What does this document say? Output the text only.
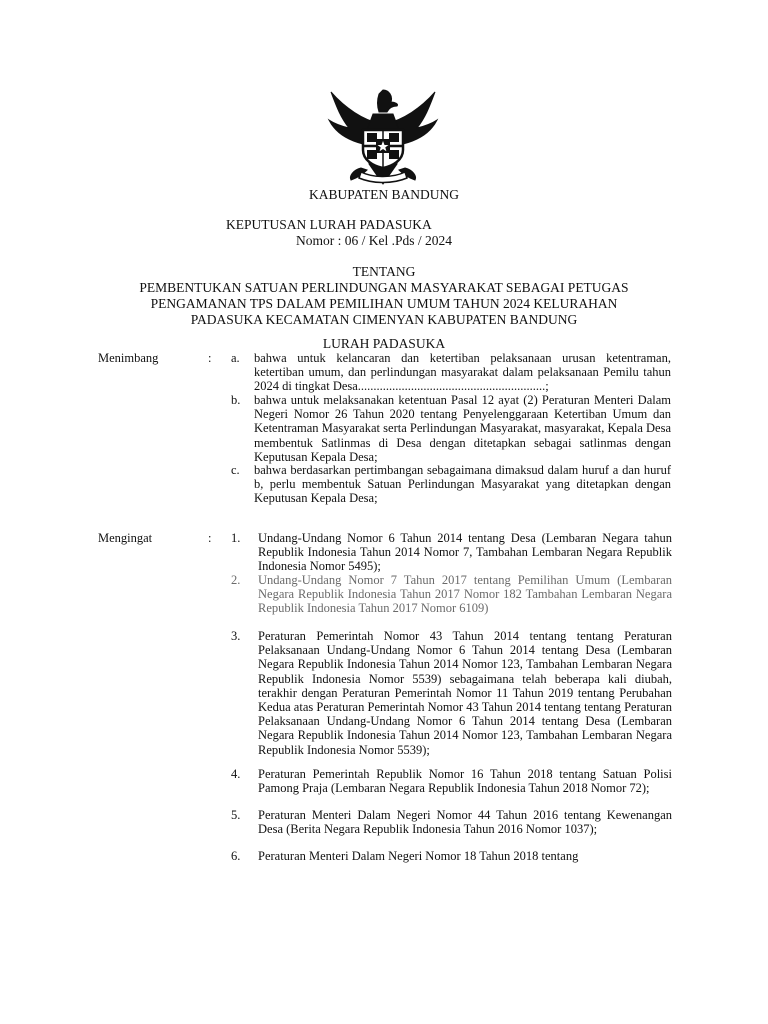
KABUPATEN BANDUNG
KEPUTUSAN LURAH PADASUKA
Nomor : 06 / Kel .Pds / 2024
TENTANG
PEMBENTUKAN SATUAN PERLINDUNGAN MASYARAKAT SEBAGAI PETUGAS
PENGAMANAN TPS DALAM PEMILIHAN UMUM TAHUN 2024 KELURAHAN
PADASUKA KECAMATAN CIMENYAN KABUPATEN BANDUNG
LURAH PADASUKA
Menimbang	: a. bahwa untuk kelancaran dan ketertiban pelaksanaan urusan ketentraman, ketertiban umum, dan perlindungan masyarakat dalam pelaksanaan Pemilu tahun 2024 di tingkat Desa............................................................;
b. bahwa untuk melaksanakan ketentuan Pasal 12 ayat (2) Peraturan Menteri Dalam Negeri Nomor 26 Tahun 2020 tentang Penyelenggaraan Ketertiban Umum dan Ketentraman Masyarakat serta Perlindungan Masyarakat, masyarakat, Kepala Desa membentuk Satlinmas di Desa dengan ditetapkan sebagai satlinmas dengan Keputusan Kepala Desa;
c. bahwa berdasarkan pertimbangan sebagaimana dimaksud dalam huruf a dan huruf b, perlu membentuk Satuan Perlindungan Masyarakat yang ditetapkan dengan Keputusan Kepala Desa;
Mengingat	: 1. Undang-Undang Nomor 6 Tahun 2014 tentang Desa (Lembaran Negara tahun Republik Indonesia Tahun 2014 Nomor 7, Tambahan Lembaran Negara Republik Indonesia Nomor 5495);
2. Undang-Undang Nomor 7 Tahun 2017 tentang Pemilihan Umum (Lembaran Negara Republik Indonesia Tahun 2017 Nomor 182 Tambahan Lembaran Negara Republik Indonesia Tahun 2017 Nomor 6109)
3. Peraturan Pemerintah Nomor 43 Tahun 2014 tentang tentang Peraturan Pelaksanaan Undang-Undang Nomor 6 Tahun 2014 tentang Desa (Lembaran Negara Republik Indonesia Tahun 2014 Nomor 123, Tambahan Lembaran Negara Republik Indonesia Nomor 5539) sebagaimana telah beberapa kali diubah, terakhir dengan Peraturan Pemerintah Nomor 11 Tahun 2019 tentang Perubahan Kedua atas Peraturan Pemerintah Nomor 43 Tahun 2014 tentang tentang Peraturan Pelaksanaan Undang-Undang Nomor 6 Tahun 2014 tentang Desa (Lembaran Negara Republik Indonesia Tahun 2014 Nomor 123, Tambahan Lembaran Negara Republik Indonesia Nomor 5539);
4. Peraturan Pemerintah Republik Nomor 16 Tahun 2018 tentang Satuan Polisi Pamong Praja (Lembaran Negara Republik Indonesia Tahun 2018 Nomor 72);
5. Peraturan Menteri Dalam Negeri Nomor 44 Tahun 2016 tentang Kewenangan Desa (Berita Negara Republik Indonesia Tahun 2016 Nomor 1037);
6. Peraturan Menteri Dalam Negeri Nomor 18 Tahun 2018 tentang
